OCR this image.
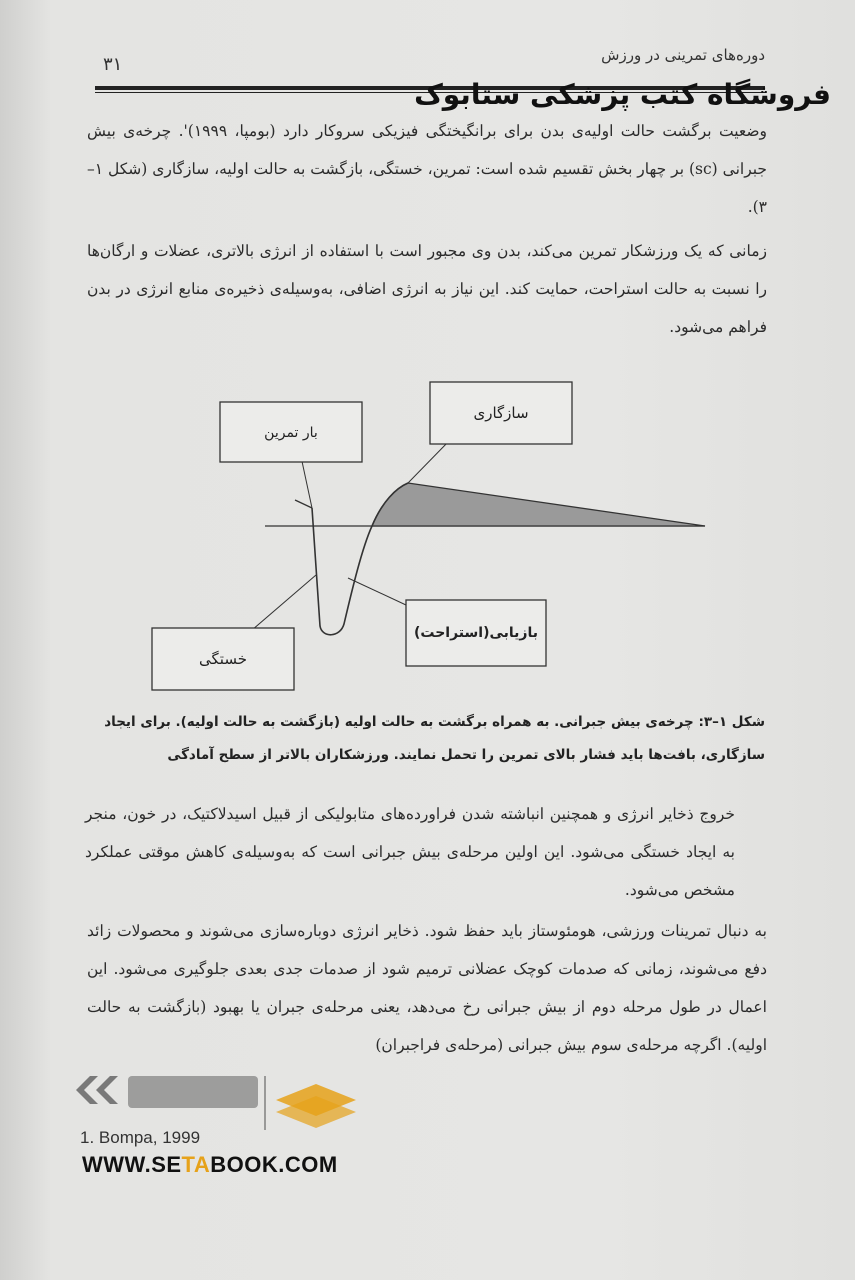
دوره‌های تمرینی در ورزش
۳۱
فروشگاه کتب پزشکی ستابوک
وضعیت برگشت حالت اولیه‌ی بدن برای برانگیختگی فیزیکی سروکار دارد (بومپا، ۱۹۹۹)'. چرخه‌ی بیش جبرانی (sc) بر چهار بخش تقسیم شده است: تمرین، خستگی، بازگشت به حالت اولیه، سازگاری (شکل ۱–۳).
زمانی که یک ورزشکار تمرین می‌کند، بدن وی مجبور است با استفاده از انرژی بالاتری، عضلات و ارگان‌ها را نسبت به حالت استراحت، حمایت کند. این نیاز به انرژی اضافی، به‌وسیله‌ی ذخیره‌ی منابع انرژی در بدن فراهم می‌شود.
بار تمرین
سازگاری
خستگی
بازیابی(استراحت)
شکل ۱–۳: چرخه‌ی بیش جبرانی. به همراه برگشت به حالت اولیه (بازگشت به حالت اولیه). برای ایجاد
سازگاری، بافت‌ها باید فشار بالای تمرین را تحمل نمایند. ورزشکاران بالاتر از سطح آمادگی
خروج ذخایر انرژی و همچنین انباشته شدن فراورده‌های متابولیکی از قبیل اسیدلاکتیک، در خون، منجر به ایجاد خستگی می‌شود. این اولین مرحله‌ی بیش جبرانی است که به‌وسیله‌ی کاهش موقتی عملکرد مشخص می‌شود.
به دنبال تمرینات ورزشی، هومئوستاز باید حفظ شود. ذخایر انرژی دوباره‌سازی می‌شوند و محصولات زائد دفع می‌شوند، زمانی که صدمات کوچک عضلانی ترمیم شود از صدمات جدی بعدی جلوگیری می‌شود. این اعمال در طول مرحله دوم از بیش جبرانی رخ می‌دهد، یعنی مرحله‌ی جبران یا بهبود (بازگشت به حالت اولیه). اگرچه مرحله‌ی سوم بیش جبرانی (مرحله‌ی فراجبران)
1. Bompa, 1999
WWW.SETABOOK.COM
